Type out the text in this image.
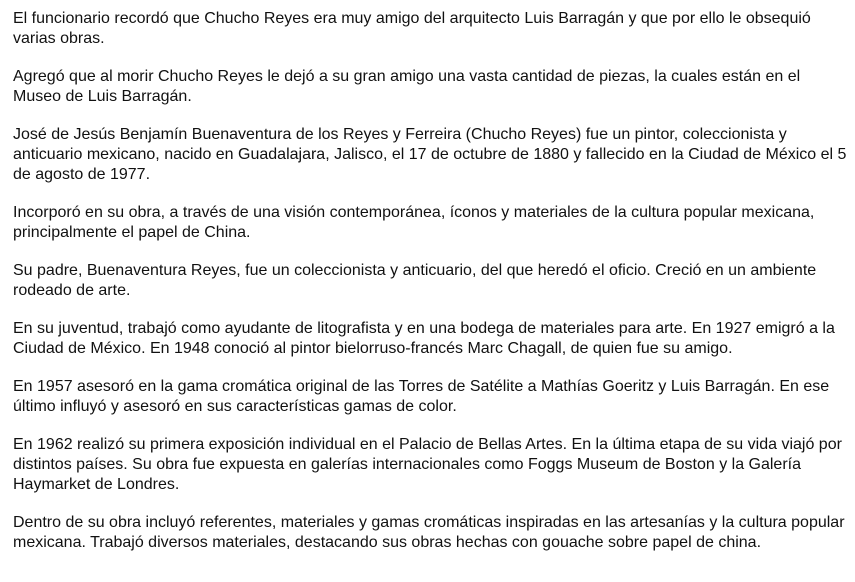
El funcionario recordó que Chucho Reyes era muy amigo del arquitecto Luis Barragán y que por ello le obsequió varias obras.

Agregó que al morir Chucho Reyes le dejó a su gran amigo una vasta cantidad de piezas, la cuales están en el Museo de Luis Barragán.

José de Jesús Benjamín Buenaventura de los Reyes y Ferreira (Chucho Reyes) fue un pintor, coleccionista y anticuario mexicano, nacido en Guadalajara, Jalisco, el 17 de octubre de 1880 y fallecido en la Ciudad de México el 5 de agosto de 1977.

Incorporó en su obra, a través de una visión contemporánea, íconos y materiales de la cultura popular mexicana, principalmente el papel de China.

Su padre, Buenaventura Reyes, fue un coleccionista y anticuario, del que heredó el oficio. Creció en un ambiente rodeado de arte.

En su juventud, trabajó como ayudante de litografista y en una bodega de materiales para arte. En 1927 emigró a la Ciudad de México. En 1948 conoció al pintor bielorruso-francés Marc Chagall, de quien fue su amigo.

En 1957 asesoró en la gama cromática original de las Torres de Satélite a Mathías Goeritz y Luis Barragán. En ese último influyó y asesoró en sus características gamas de color.

En 1962 realizó su primera exposición individual en el Palacio de Bellas Artes. En la última etapa de su vida viajó por distintos países. Su obra fue expuesta en galerías internacionales como Foggs Museum de Boston y la Galería Haymarket de Londres.

Dentro de su obra incluyó referentes, materiales y gamas cromáticas inspiradas en las artesanías y la cultura popular mexicana. Trabajó diversos materiales, destacando sus obras hechas con gouache sobre papel de china.
